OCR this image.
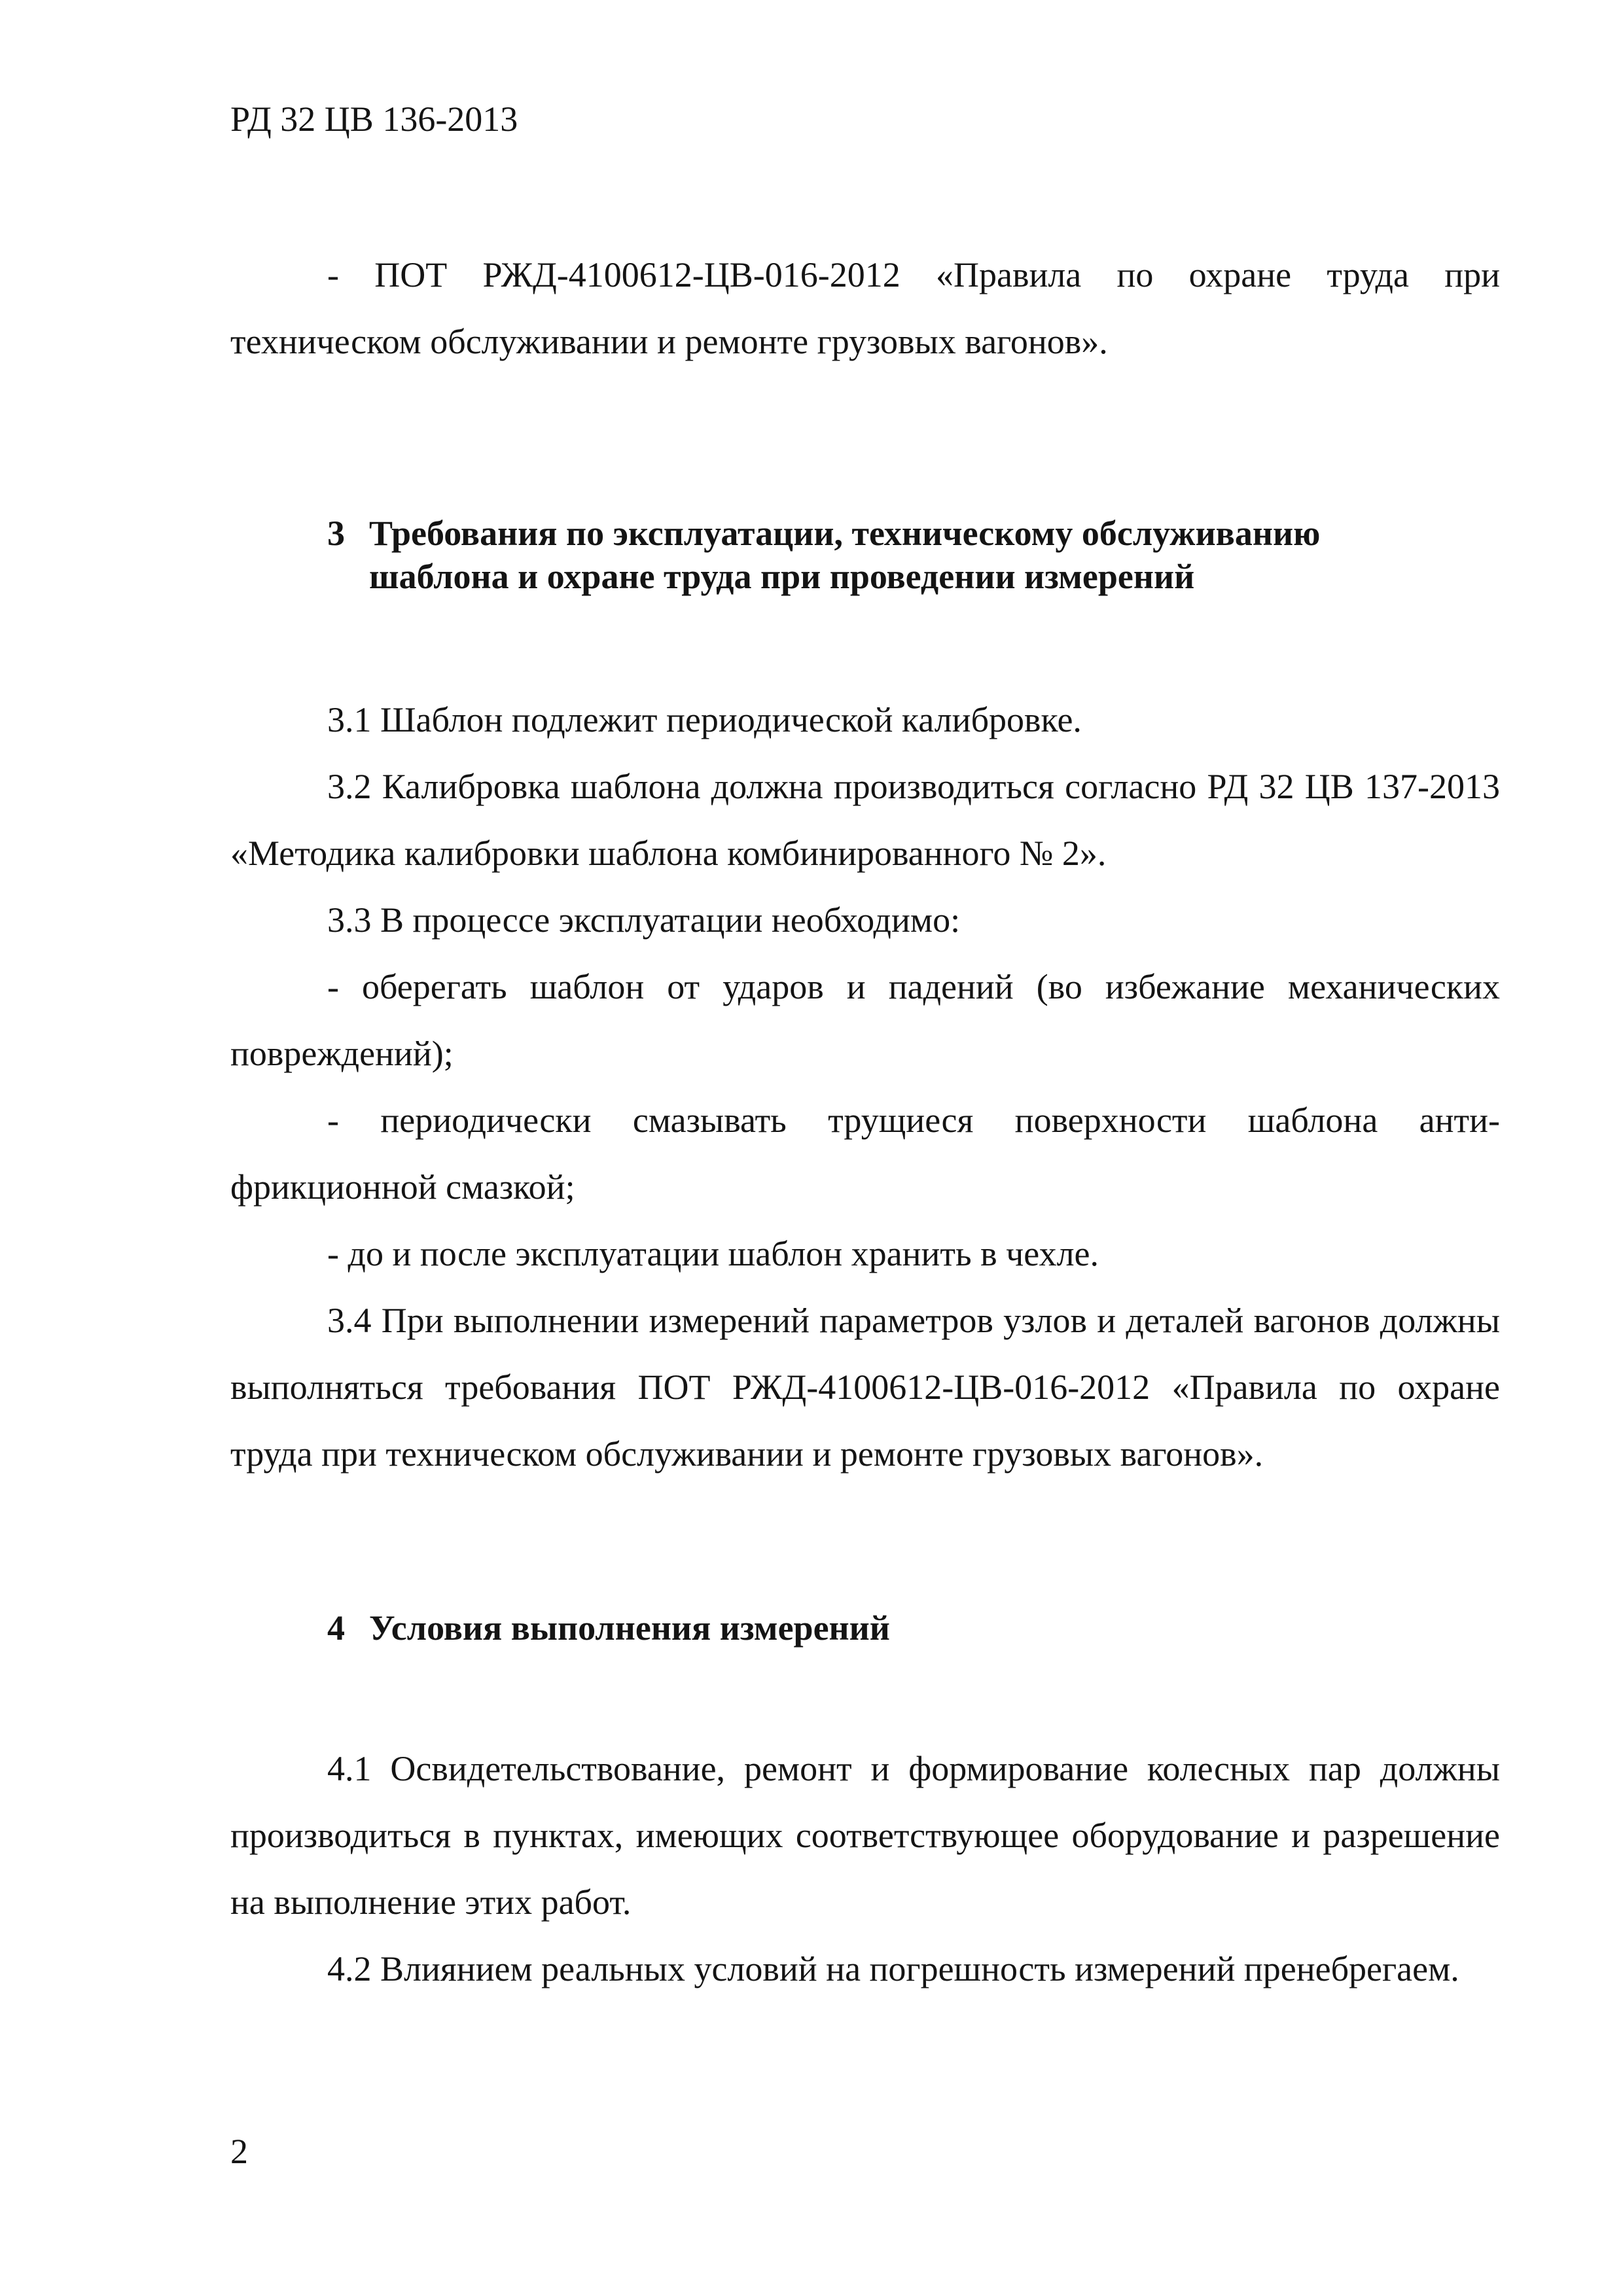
РД 32 ЦВ 136-2013

- ПОТ РЖД-4100612-ЦВ-016-2012 «Правила по охране труда при техническом обслуживании и ремонте грузовых вагонов».

3 Требования по эксплуатации, техническому обслуживанию
шаблона и охране труда при проведении измерений

3.1 Шаблон подлежит периодической калибровке.

3.2 Калибровка шаблона должна производиться согласно РД 32 ЦВ 137-2013 «Методика калибровки шаблона комбинированного № 2».

3.3 В процессе эксплуатации необходимо:

- оберегать шаблон от ударов и падений (во избежание механических повреждений);

- периодически смазывать трущиеся поверхности шаблона анти-фрикционной смазкой;

- до и после эксплуатации шаблон хранить в чехле.

3.4 При выполнении измерений параметров узлов и деталей вагонов должны выполняться требования ПОТ РЖД-4100612-ЦВ-016-2012 «Правила по охране труда при техническом обслуживании и ремонте грузовых вагонов».

4 Условия выполнения измерений

4.1 Освидетельствование, ремонт и формирование колесных пар должны производиться в пунктах, имеющих соответствующее оборудование и разрешение на выполнение этих работ.

4.2 Влиянием реальных условий на погрешность измерений пренебрегаем.

2
